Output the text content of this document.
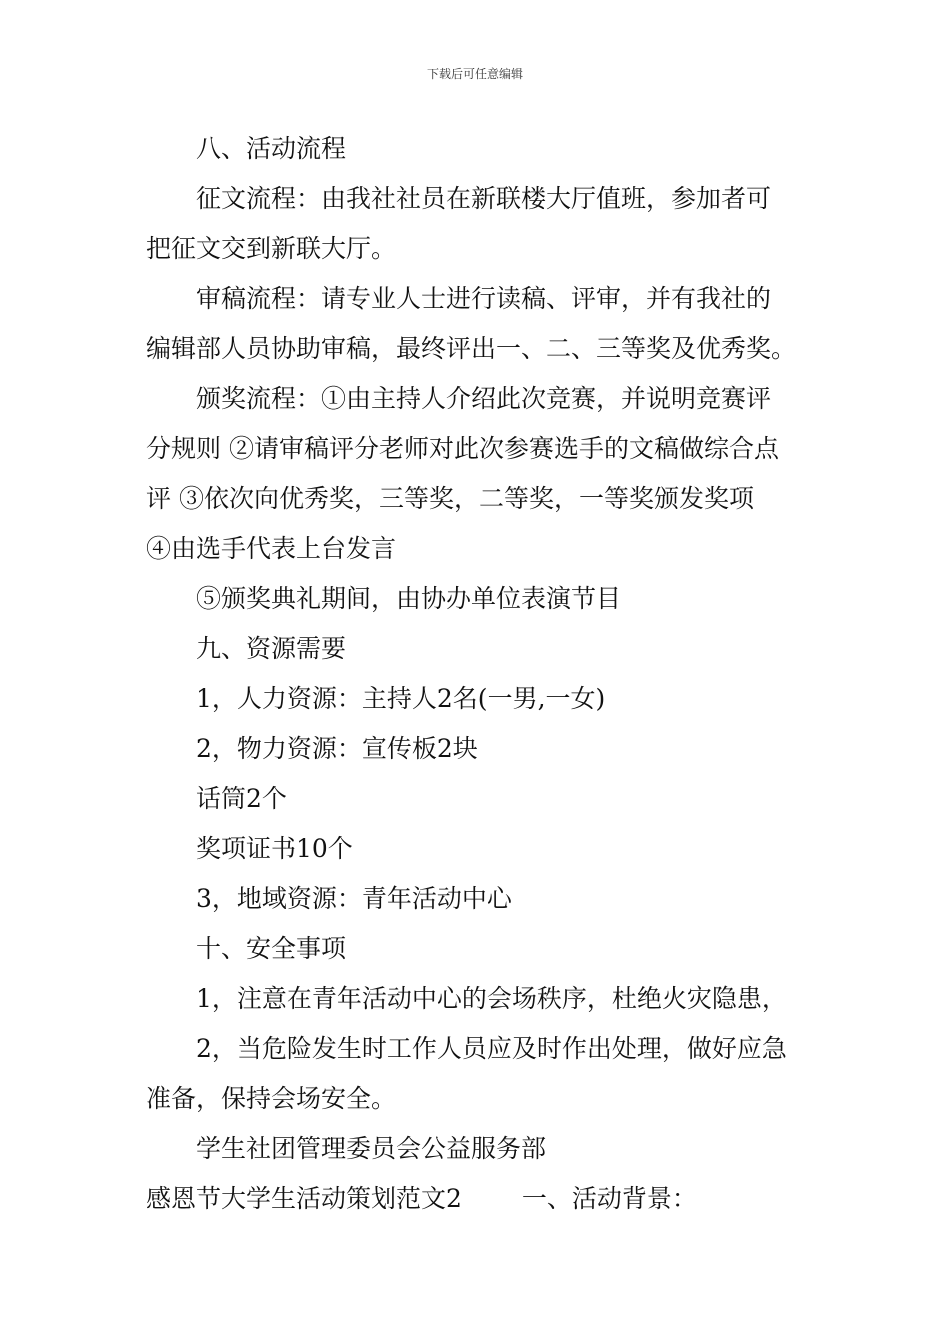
下载后可任意编辑
八、活动流程
征文流程：由我社社员在新联楼大厅值班，参加者可
把征文交到新联大厅。
审稿流程：请专业人士进行读稿、评审，并有我社的
编辑部人员协助审稿，最终评出一、二、三等奖及优秀奖。
颁奖流程：①由主持人介绍此次竞赛，并说明竞赛评
分规则 ②请审稿评分老师对此次参赛选手的文稿做综合点
评 ③依次向优秀奖，三等奖，二等奖，一等奖颁发奖项
④由选手代表上台发言
⑤颁奖典礼期间，由协办单位表演节目
九、资源需要
1，人力资源：主持人2名(一男,一女)
2，物力资源：宣传板2块
话筒2个
奖项证书10个
3，地域资源：青年活动中心
十、安全事项
1，注意在青年活动中心的会场秩序，杜绝火灾隐患，
2，当危险发生时工作人员应及时作出处理，做好应急
准备，保持会场安全。
学生社团管理委员会公益服务部
感恩节大学生活动策划范文2 一、活动背景：
